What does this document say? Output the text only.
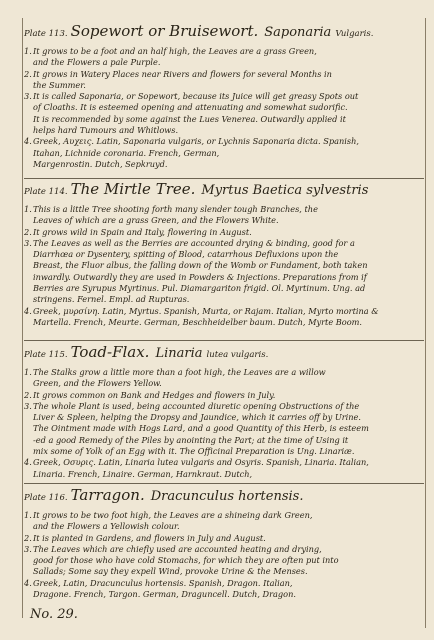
Plate 113. Sopewort or Bruisewort. Saponaria Vulgaris.
1. It grows to be a foot and an half high, the Leaves are a grass Green,
and the Flowers a pale Purple.
2. It grows in Watery Places near Rivers and flowers for several Months in
the Summer.
3. It is called Saponaria, or Sopewort, because its Juice will get greasy Spots out
of Cloaths. It is esteemed opening and attenuating and somewhat sudorific.
It is recommended by some against the Lues Venerea. Outwardly applied it
helps hard Tumours and Whitlows.
4. Greek, Αυχεις. Latin, Saponaria vulgaris, or Lychnis Saponaria dicta. Spanish,
Itahan, Lichnide coronaria. French, German,
Margenrostin. Dutch, Sepkruyd.
Plate 114. The Mirtle Tree. Myrtus Baetica sylvestris
1. This is a little Tree shooting forth many slender tough Branches, the
Leaves of which are a grass Green, and the Flowers White.
2. It grows wild in Spain and Italy, flowering in August.
3. The Leaves as well as the Berries are accounted drying & binding, good for a
Diarrhœa or Dysentery, spitting of Blood, catarrhous Defluxions upon the
Breast, the Fluor albus, the falling down of the Womb or Fundament, both taken
inwardly. Outwardly they are used in Powders & Injections. Preparations from if
Berries are Syrupus Myrtinus. Pul. Diamargariton frigid. Ol. Myrtinum. Ung. ad
stringens. Fernel. Empl. ad Rupturas.
4. Greek, μυρσίνη. Latin, Myrtus. Spanish, Murta, or Rajam. Italian, Myrto mortina &
Martella. French, Meurte. German, Beschheidelber baum. Dutch, Myrte Boom.
Plate 115. Toad-Flax. Linaria lutea vulgaris.
1. The Stalks grow a little more than a foot high, the Leaves are a willow
Green, and the Flowers Yellow.
2. It grows common on Bank and Hedges and flowers in July.
3. The whole Plant is used, being accounted diuretic opening Obstructions of the
Liver & Spleen, helping the Dropsy and Jaundice, which it carries off by Urine.
The Ointment made with Hogs Lard, and a good Quantity of this Herb, is esteem
-ed a good Remedy of the Piles by anointing the Part; at the time of Using it
mix some of Yolk of an Egg with it. The Officinal Preparation is Ung. Linariæ.
4. Greek, Οσυρις. Latin, Linaria lutea vulgaris and Osyris. Spanish, Linaria. Italian,
Linaria. French, Linaire. German, Harnkraut. Dutch,
Plate 116. Tarragon. Dracunculus hortensis.
1. It grows to be two foot high, the Leaves are a shineing dark Green,
and the Flowers a Yellowish colour.
2. It is planted in Gardens, and flowers in July and August.
3. The Leaves which are chiefly used are accounted heating and drying,
good for those who have cold Stomachs, for which they are often put into
Sallads; Some say they expell Wind, provoke Urine & the Menses.
4. Greek, Latin, Dracunculus hortensis. Spanish, Dragon. Italian,
Dragone. French, Targon. German, Draguncell. Dutch, Dragon.
No. 29.
